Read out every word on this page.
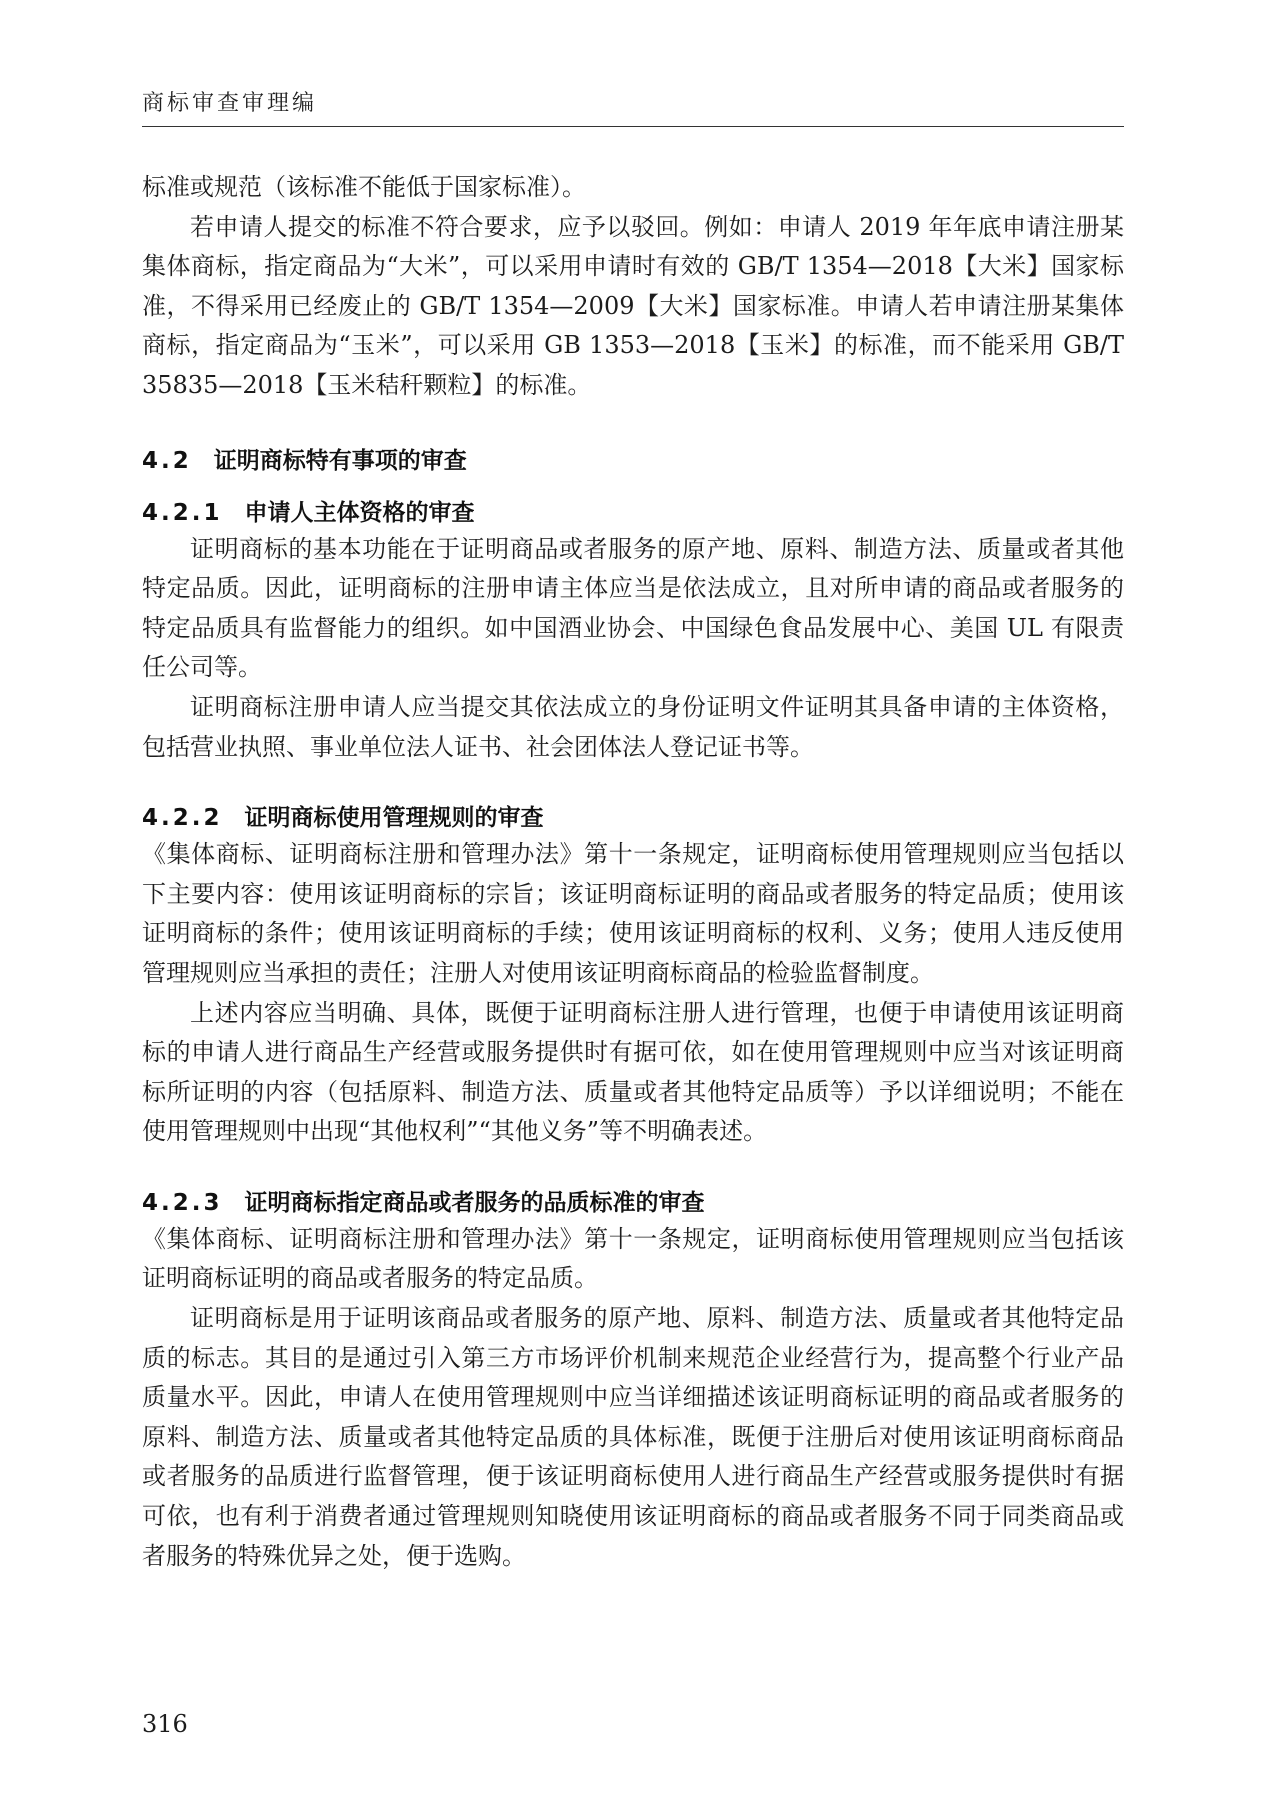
商标审查审理编

标准或规范（该标准不能低于国家标准）。

若申请人提交的标准不符合要求，应予以驳回。例如：申请人 2019 年年底申请注册某集体商标，指定商品为“大米”，可以采用申请时有效的 GB/T 1354—2018【大米】国家标准，不得采用已经废止的 GB/T 1354—2009【大米】国家标准。申请人若申请注册某集体商标，指定商品为“玉米”，可以采用 GB 1353—2018【玉米】的标准，而不能采用 GB/T 35835—2018【玉米秸秆颗粒】的标准。

4.2 证明商标特有事项的审查

4.2.1 申请人主体资格的审查

证明商标的基本功能在于证明商品或者服务的原产地、原料、制造方法、质量或者其他特定品质。因此，证明商标的注册申请主体应当是依法成立，且对所申请的商品或者服务的特定品质具有监督能力的组织。如中国酒业协会、中国绿色食品发展中心、美国 UL 有限责任公司等。

证明商标注册申请人应当提交其依法成立的身份证明文件证明其具备申请的主体资格，包括营业执照、事业单位法人证书、社会团体法人登记证书等。

4.2.2 证明商标使用管理规则的审查

《集体商标、证明商标注册和管理办法》第十一条规定，证明商标使用管理规则应当包括以下主要内容：使用该证明商标的宗旨；该证明商标证明的商品或者服务的特定品质；使用该证明商标的条件；使用该证明商标的手续；使用该证明商标的权利、义务；使用人违反使用管理规则应当承担的责任；注册人对使用该证明商标商品的检验监督制度。

上述内容应当明确、具体，既便于证明商标注册人进行管理，也便于申请使用该证明商标的申请人进行商品生产经营或服务提供时有据可依，如在使用管理规则中应当对该证明商标所证明的内容（包括原料、制造方法、质量或者其他特定品质等）予以详细说明；不能在使用管理规则中出现“其他权利”“其他义务”等不明确表述。

4.2.3 证明商标指定商品或者服务的品质标准的审查

《集体商标、证明商标注册和管理办法》第十一条规定，证明商标使用管理规则应当包括该证明商标证明的商品或者服务的特定品质。

证明商标是用于证明该商品或者服务的原产地、原料、制造方法、质量或者其他特定品质的标志。其目的是通过引入第三方市场评价机制来规范企业经营行为，提高整个行业产品质量水平。因此，申请人在使用管理规则中应当详细描述该证明商标证明的商品或者服务的原料、制造方法、质量或者其他特定品质的具体标准，既便于注册后对使用该证明商标商品或者服务的品质进行监督管理，便于该证明商标使用人进行商品生产经营或服务提供时有据可依，也有利于消费者通过管理规则知晓使用该证明商标的商品或者服务不同于同类商品或者服务的特殊优异之处，便于选购。

316
